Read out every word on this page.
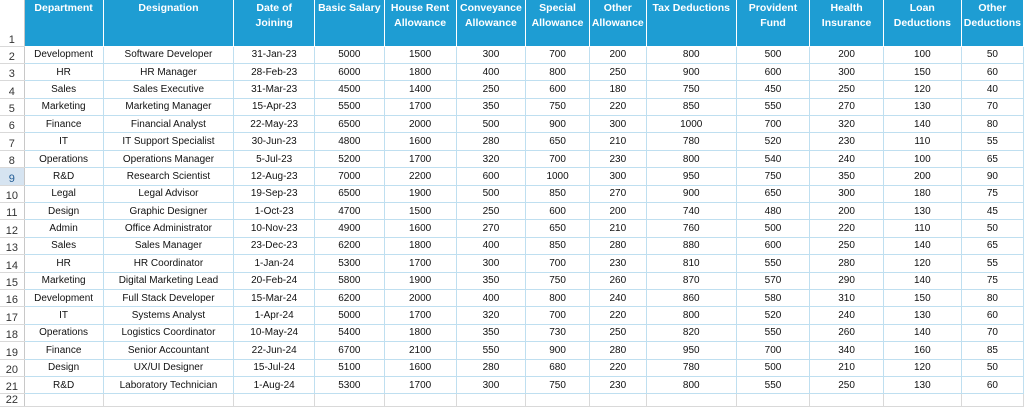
1	Department	Designation	Date of Joining	Basic Salary	House Rent Allowance	Conveyance Allowance	Special Allowance	Other Allowance	Tax Deductions	Provident Fund	Health Insurance	Loan Deductions	Other Deductions

2	Development	Software Developer	31-Jan-23	5000	1500	300	700	200	800	500	200	100	50
3	HR	HR Manager	28-Feb-23	6000	1800	400	800	250	900	600	300	150	60
4	Sales	Sales Executive	31-Mar-23	4500	1400	250	600	180	750	450	250	120	40
5	Marketing	Marketing Manager	15-Apr-23	5500	1700	350	750	220	850	550	270	130	70
6	Finance	Financial Analyst	22-May-23	6500	2000	500	900	300	1000	700	320	140	80
7	IT	IT Support Specialist	30-Jun-23	4800	1600	280	650	210	780	520	230	110	55
8	Operations	Operations Manager	5-Jul-23	5200	1700	320	700	230	800	540	240	100	65
9	R&D	Research Scientist	12-Aug-23	7000	2200	600	1000	300	950	750	350	200	90
10	Legal	Legal Advisor	19-Sep-23	6500	1900	500	850	270	900	650	300	180	75
11	Design	Graphic Designer	1-Oct-23	4700	1500	250	600	200	740	480	200	130	45
12	Admin	Office Administrator	10-Nov-23	4900	1600	270	650	210	760	500	220	110	50
13	Sales	Sales Manager	23-Dec-23	6200	1800	400	850	280	880	600	250	140	65
14	HR	HR Coordinator	1-Jan-24	5300	1700	300	700	230	810	550	280	120	55
15	Marketing	Digital Marketing Lead	20-Feb-24	5800	1900	350	750	260	870	570	290	140	75
16	Development	Full Stack Developer	15-Mar-24	6200	2000	400	800	240	860	580	310	150	80
17	IT	Systems Analyst	1-Apr-24	5000	1700	320	700	220	800	520	240	130	60
18	Operations	Logistics Coordinator	10-May-24	5400	1800	350	730	250	820	550	260	140	70
19	Finance	Senior Accountant	22-Jun-24	6700	2100	550	900	280	950	700	340	160	85
20	Design	UX/UI Designer	15-Jul-24	5100	1600	280	680	220	780	500	210	120	50
21	R&D	Laboratory Technician	1-Aug-24	5300	1700	300	750	230	800	550	250	130	60
22													
